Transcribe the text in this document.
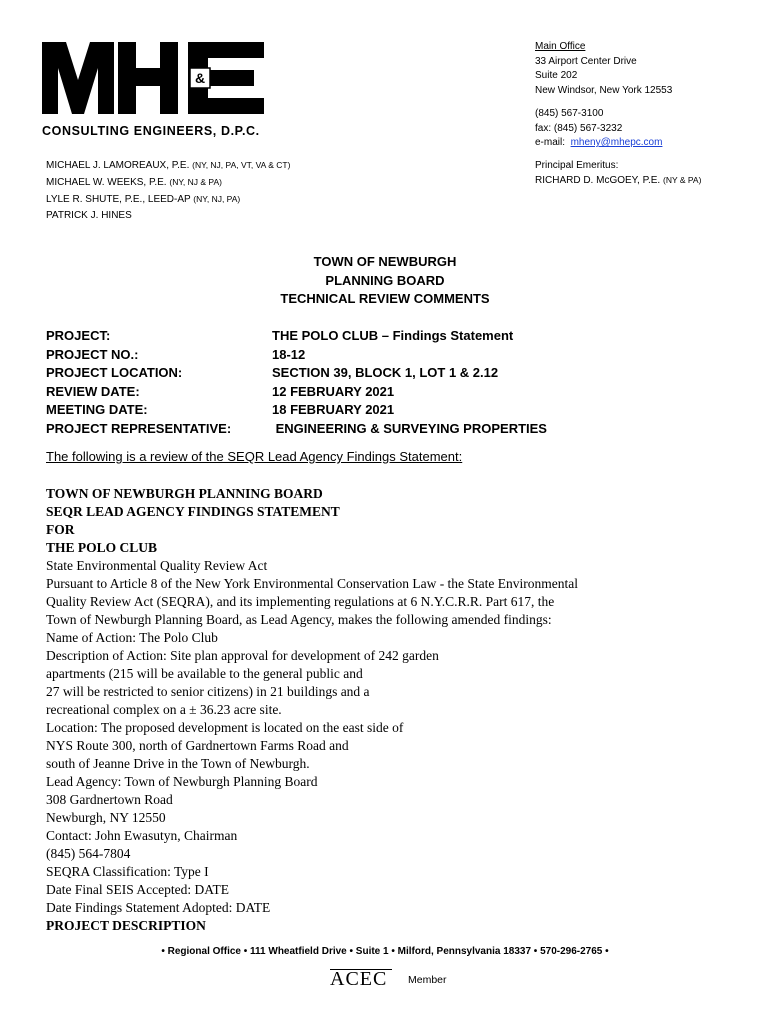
&
CONSULTING ENGINEERS, D.P.C.
MICHAEL J. LAMOREAUX, P.E. (NY, NJ, PA, VT, VA & CT)
MICHAEL W. WEEKS, P.E. (NY, NJ & PA)
LYLE R. SHUTE, P.E., LEED-AP (NY, NJ, PA)
PATRICK J. HINES
Main Office
33 Airport Center Drive
Suite 202
New Windsor, New York 12553
(845) 567-3100
fax: (845) 567-3232
e-mail: mheny@mhepc.com
Principal Emeritus:
RICHARD D. McGOEY, P.E. (NY & PA)
TOWN OF NEWBURGH
PLANNING BOARD
TECHNICAL REVIEW COMMENTS
PROJECT:	THE POLO CLUB – Findings Statement
PROJECT NO.:	18-12
PROJECT LOCATION:	SECTION 39, BLOCK 1, LOT 1 & 2.12
REVIEW DATE:	12 FEBRUARY 2021
MEETING DATE:	18 FEBRUARY 2021
PROJECT REPRESENTATIVE:	ENGINEERING & SURVEYING PROPERTIES
The following is a review of the SEQR Lead Agency Findings Statement:
TOWN OF NEWBURGH PLANNING BOARD
SEQR LEAD AGENCY FINDINGS STATEMENT
FOR
THE POLO CLUB
State Environmental Quality Review Act
Pursuant to Article 8 of the New York Environmental Conservation Law - the State Environmental
Quality Review Act (SEQRA), and its implementing regulations at 6 N.Y.C.R.R. Part 617, the
Town of Newburgh Planning Board, as Lead Agency, makes the following amended findings:
Name of Action: The Polo Club
Description of Action: Site plan approval for development of 242 garden
apartments (215 will be available to the general public and
27 will be restricted to senior citizens) in 21 buildings and a
recreational complex on a ± 36.23 acre site.
Location: The proposed development is located on the east side of
NYS Route 300, north of Gardnertown Farms Road and
south of Jeanne Drive in the Town of Newburgh.
Lead Agency: Town of Newburgh Planning Board
308 Gardnertown Road
Newburgh, NY 12550
Contact: John Ewasutyn, Chairman
(845) 564-7804
SEQRA Classification: Type I
Date Final SEIS Accepted: DATE
Date Findings Statement Adopted: DATE
PROJECT DESCRIPTION
• Regional Office • 111 Wheatfield Drive • Suite 1 • Milford, Pennsylvania 18337 • 570-296-2765 •
ACEC Member
